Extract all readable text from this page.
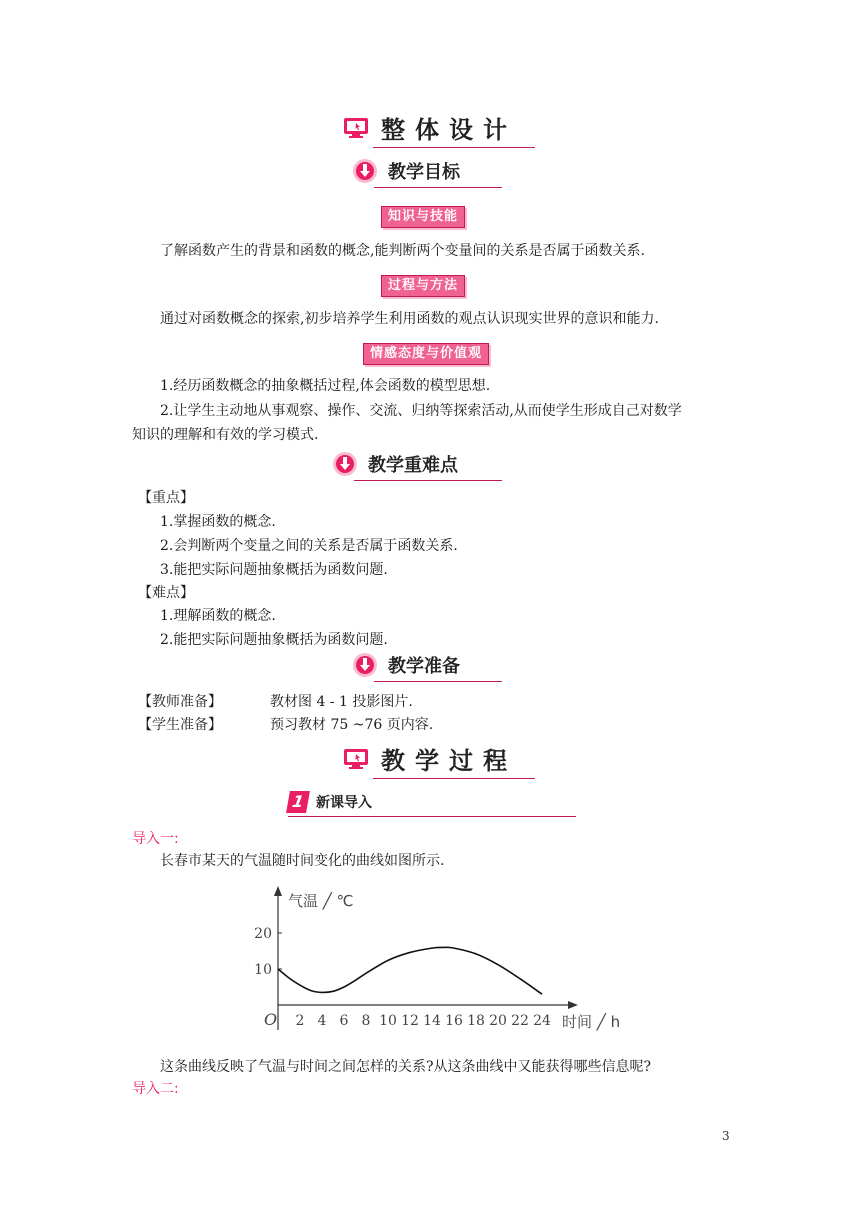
整体设计
教学目标
知识与技能
了解函数产生的背景和函数的概念,能判断两个变量间的关系是否属于函数关系.
过程与方法
通过对函数概念的探索,初步培养学生利用函数的观点认识现实世界的意识和能力.
情感态度与价值观
1.经历函数概念的抽象概括过程,体会函数的模型思想.
2.让学生主动地从事观察、操作、交流、归纳等探索活动,从而使学生形成自己对数学
知识的理解和有效的学习模式.
教学重难点
【重点】
1.掌握函数的概念.
2.会判断两个变量之间的关系是否属于函数关系.
3.能把实际问题抽象概括为函数问题.
【难点】
1.理解函数的概念.
2.能把实际问题抽象概括为函数问题.
教学准备
【教师准备】	教材图 4 - 1 投影图片.
【学生准备】	预习教材 75 ~76 页内容.
教学过程
1 新课导入
导入一:
长春市某天的气温随时间变化的曲线如图所示.
气温 ╱ ℃
时间 ╱ h
O 2 4 6 8 10 12 14 16 18 20 22 24
10
20
这条曲线反映了气温与时间之间怎样的关系?从这条曲线中又能获得哪些信息呢?
导入二:
3
